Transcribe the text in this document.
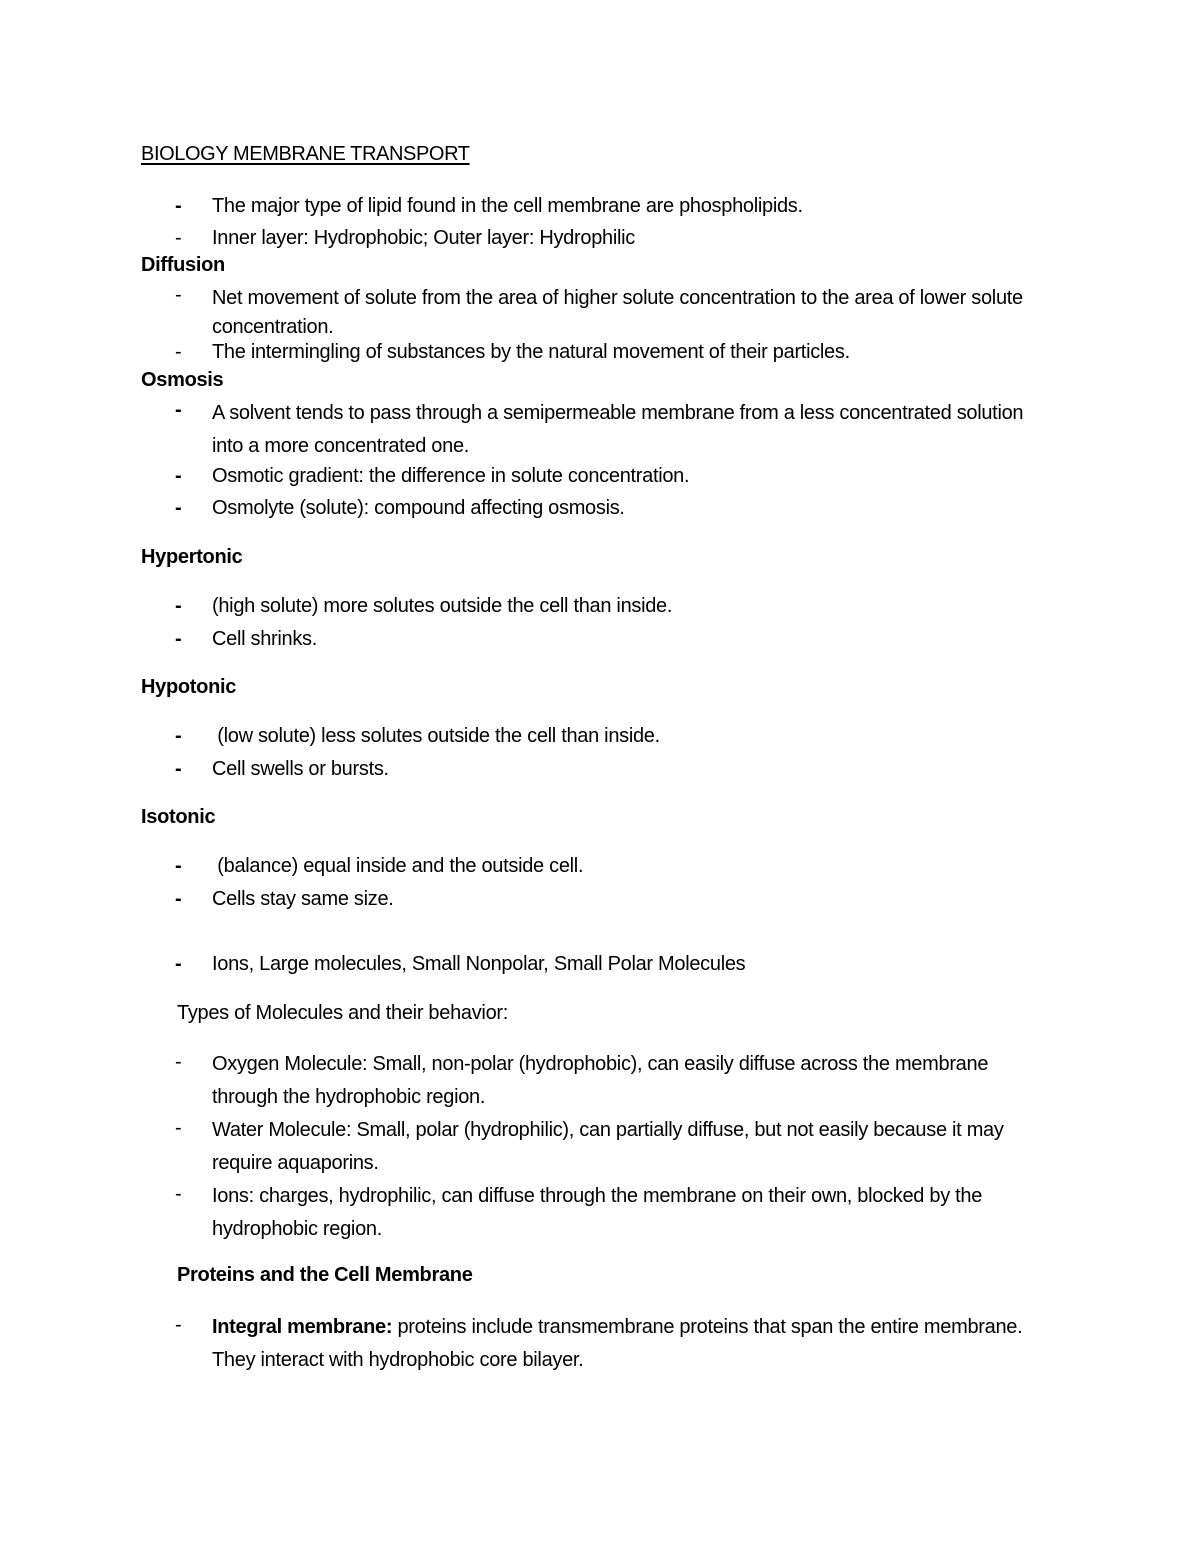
BIOLOGY MEMBRANE TRANSPORT
-	The major type of lipid found in the cell membrane are phospholipids.
-	Inner layer: Hydrophobic; Outer layer: Hydrophilic
Diffusion
-	Net movement of solute from the area of higher solute concentration to the area of lower solute concentration.
-	The intermingling of substances by the natural movement of their particles.
Osmosis
-	A solvent tends to pass through a semipermeable membrane from a less concentrated solution into a more concentrated one.
-	Osmotic gradient: the difference in solute concentration.
-	Osmolyte (solute): compound affecting osmosis.
Hypertonic
-	(high solute) more solutes outside the cell than inside.
-	Cell shrinks.
Hypotonic
-	(low solute) less solutes outside the cell than inside.
-	Cell swells or bursts.
Isotonic
-	(balance) equal inside and the outside cell.
-	Cells stay same size.
-	Ions, Large molecules, Small Nonpolar, Small Polar Molecules
Types of Molecules and their behavior:
-	Oxygen Molecule: Small, non-polar (hydrophobic), can easily diffuse across the membrane through the hydrophobic region.
-	Water Molecule: Small, polar (hydrophilic), can partially diffuse, but not easily because it may require aquaporins.
-	Ions: charges, hydrophilic, can diffuse through the membrane on their own, blocked by the hydrophobic region.
Proteins and the Cell Membrane
-	Integral membrane: proteins include transmembrane proteins that span the entire membrane. They interact with hydrophobic core bilayer.
